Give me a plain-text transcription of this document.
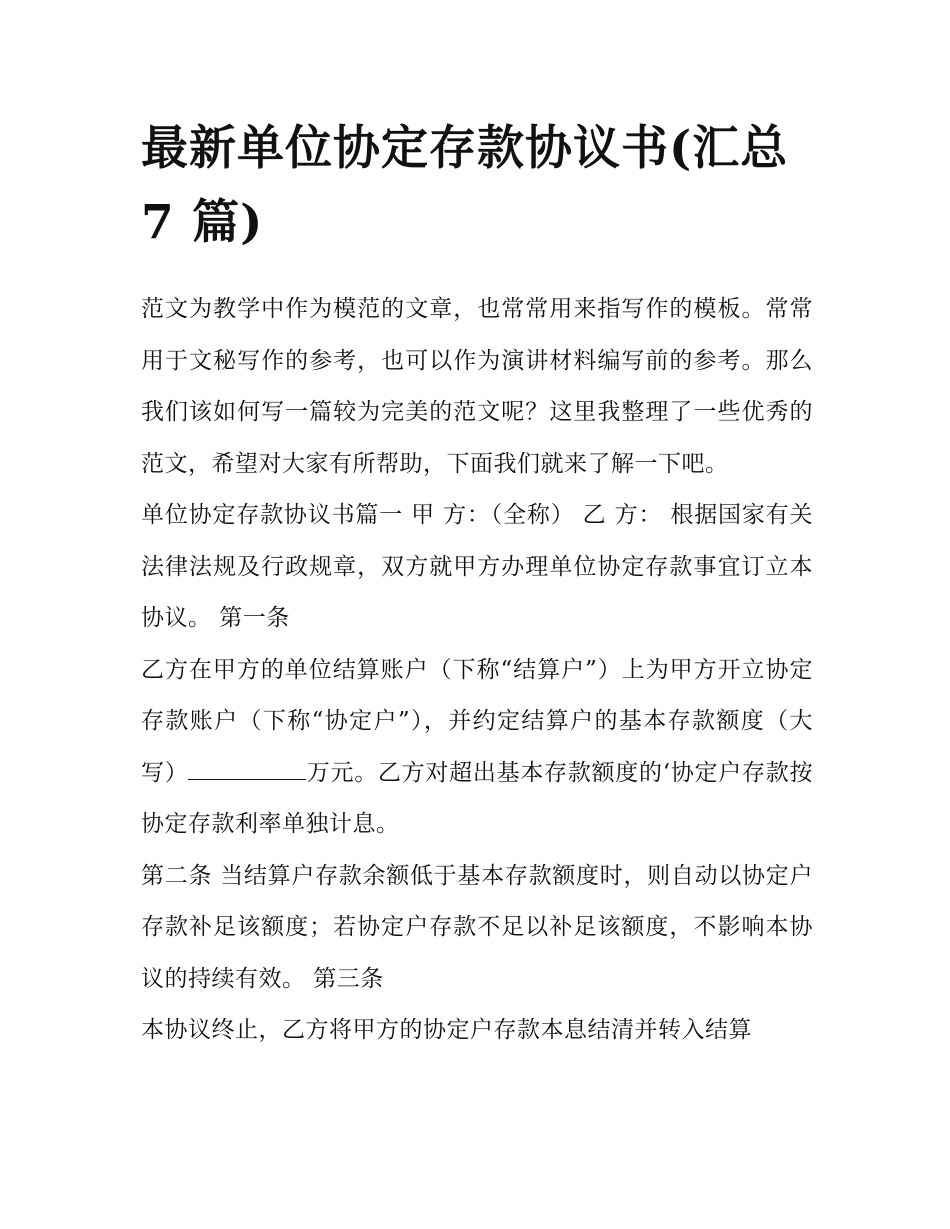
最新单位协定存款协议书(汇总 7 篇)

范文为教学中作为模范的文章，也常常用来指写作的模板。常常用于文秘写作的参考，也可以作为演讲材料编写前的参考。那么我们该如何写一篇较为完美的范文呢？这里我整理了一些优秀的范文，希望对大家有所帮助，下面我们就来了解一下吧。

单位协定存款协议书篇一 甲 方：（全称） 乙 方： 根据国家有关法律法规及行政规章，双方就甲方办理单位协定存款事宜订立本协议。 第一条

乙方在甲方的单位结算账户（下称“结算户”）上为甲方开立协定存款账户（下称“协定户”），并约定结算户的基本存款额度（大写）	万元。乙方对超出基本存款额度的‘协定户存款按协定存款利率单独计息。

第二条 当结算户存款余额低于基本存款额度时，则自动以协定户存款补足该额度；若协定户存款不足以补足该额度，不影响本协议的持续有效。 第三条

本协议终止，乙方将甲方的协定户存款本息结清并转入结算
